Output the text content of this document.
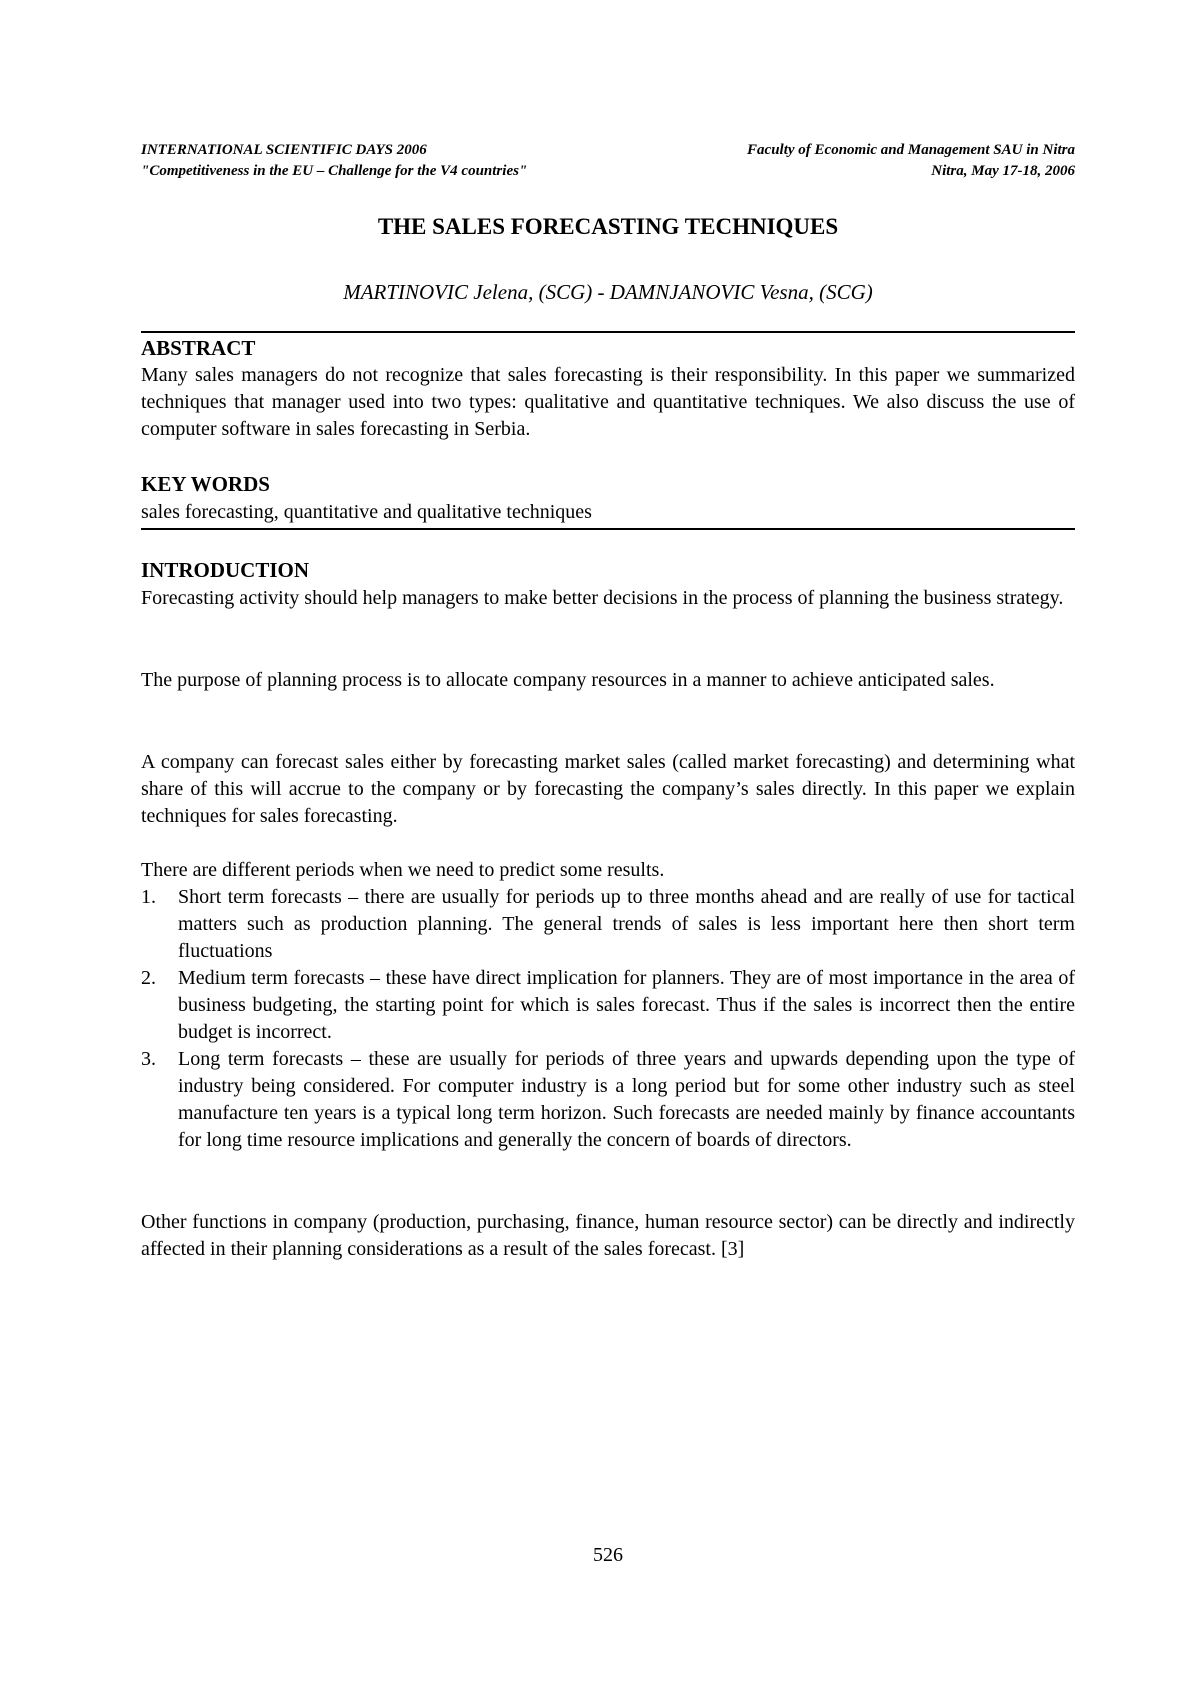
INTERNATIONAL SCIENTIFIC DAYS 2006	Faculty of Economic and Management SAU in Nitra
"Competitiveness in the EU – Challenge for the V4 countries"	Nitra, May 17-18, 2006
THE SALES FORECASTING TECHNIQUES
MARTINOVIC Jelena, (SCG) - DAMNJANOVIC Vesna, (SCG)
ABSTRACT
Many sales managers do not recognize that sales forecasting is their responsibility. In this paper we summarized techniques that manager used into two types: qualitative and quantitative techniques. We also discuss the use of computer software in sales forecasting in Serbia.
KEY WORDS
sales forecasting, quantitative and qualitative techniques
INTRODUCTION
Forecasting activity should help managers to make better decisions in the process of planning the business strategy.
The purpose of planning process is to allocate company resources in a manner to achieve anticipated sales.
A company can forecast sales either by forecasting market sales (called market forecasting) and determining what share of this will accrue to the company or by forecasting the company’s sales directly. In this paper we explain techniques for sales forecasting.
There are different periods when we need to predict some results.
1. Short term forecasts – there are usually for periods up to three months ahead and are really of use for tactical matters such as production planning. The general trends of sales is less important here then short term fluctuations
2. Medium term forecasts – these have direct implication for planners. They are of most importance in the area of business budgeting, the starting point for which is sales forecast. Thus if the sales is incorrect then the entire budget is incorrect.
3. Long term forecasts – these are usually for periods of three years and upwards depending upon the type of industry being considered. For computer industry is a long period but for some other industry such as steel manufacture ten years is a typical long term horizon. Such forecasts are needed mainly by finance accountants for long time resource implications and generally the concern of boards of directors.
Other functions in company (production, purchasing, finance, human resource sector) can be directly and indirectly affected in their planning considerations as a result of the sales forecast. [3]
526
